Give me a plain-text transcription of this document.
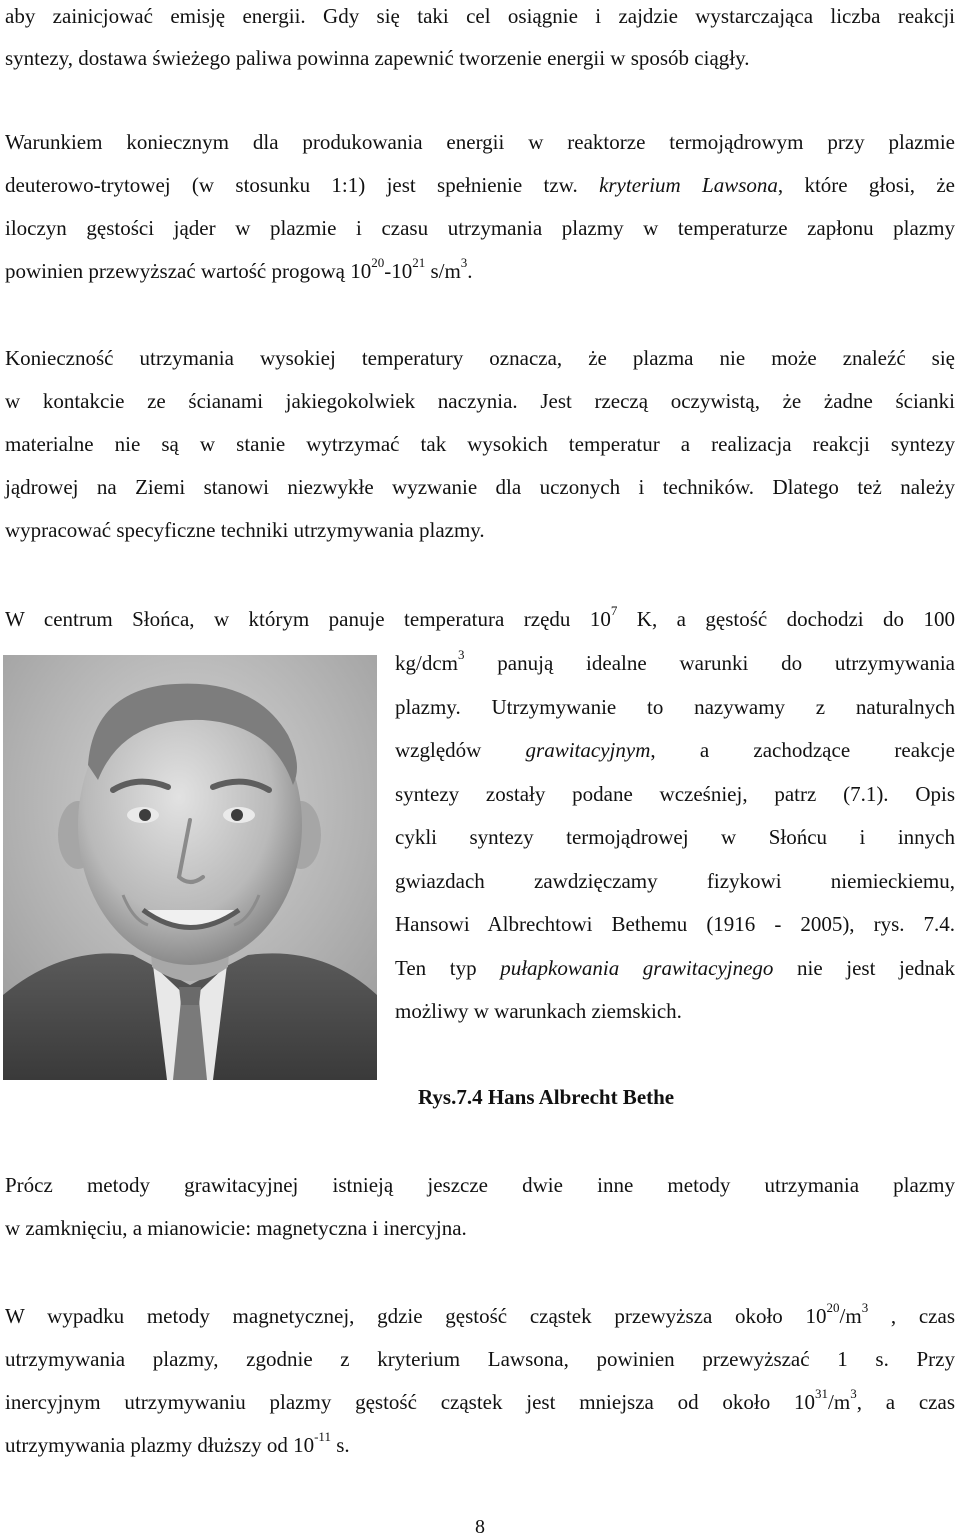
aby zainicjować emisję energii. Gdy się taki cel osiągnie i zajdzie wystarczająca liczba reakcji

syntezy, dostawa świeżego paliwa powinna zapewnić tworzenie energii w sposób ciągły.

Warunkiem koniecznym dla produkowania energii w reaktorze termojądrowym przy plazmie

deuterowo-trytowej (w stosunku 1:1) jest spełnienie tzw. kryterium Lawsona, które głosi, że

iloczyn gęstości jąder w plazmie i czasu utrzymania plazmy w temperaturze zapłonu plazmy

powinien przewyższać wartość progową $10^{20}-10^{21}$ $s/m^3$.

Konieczność utrzymania wysokiej temperatury oznacza, że plazma nie może znaleźć się

w kontakcie ze ścianami jakiegokolwiek naczynia. Jest rzeczą oczywistą, że żadne ścianki

materialne nie są w stanie wytrzymać tak wysokich temperatur a realizacja reakcji syntezy

jądrowej na Ziemi stanowi niezwykłe wyzwanie dla uczonych i techników. Dlatego też należy

wypracować specyficzne techniki utrzymywania plazmy.

W centrum Słońca, w którym panuje temperatura rzędu $10^7$ K, a gęstość dochodzi do 100

kg/dcm$^3$ panują idealne warunki do utrzymywania

plazmy. Utrzymywanie to nazywamy z naturalnych

względów grawitacyjnym, a zachodzące reakcje

syntezy zostały podane wcześniej, patrz (7.1). Opis

cykli syntezy termojądrowej w Słońcu i innych

gwiazdach zawdzięczamy fizykowi niemieckiemu,

Hansowi Albrechtowi Bethemu (1916 - 2005), rys. 7.4.

Ten typ pułapkowania grawitacyjnego nie jest jednak

możliwy w warunkach ziemskich.

Rys.7.4 Hans Albrecht Bethe

Prócz metody grawitacyjnej istnieją jeszcze dwie inne metody utrzymania plazmy

w zamknięciu, a mianowicie: magnetyczna i inercyjna.

W wypadku metody magnetycznej, gdzie gęstość cząstek przewyższa około $10^{20}/m^3$ , czas

utrzymywania plazmy, zgodnie z kryterium Lawsona, powinien przewyższać 1 s. Przy

inercyjnym utrzymywaniu plazmy gęstość cząstek jest mniejsza od około $10^{31}/m^3$, a czas

utrzymywania plazmy dłuższy od $10^{-11}$ s.

8
